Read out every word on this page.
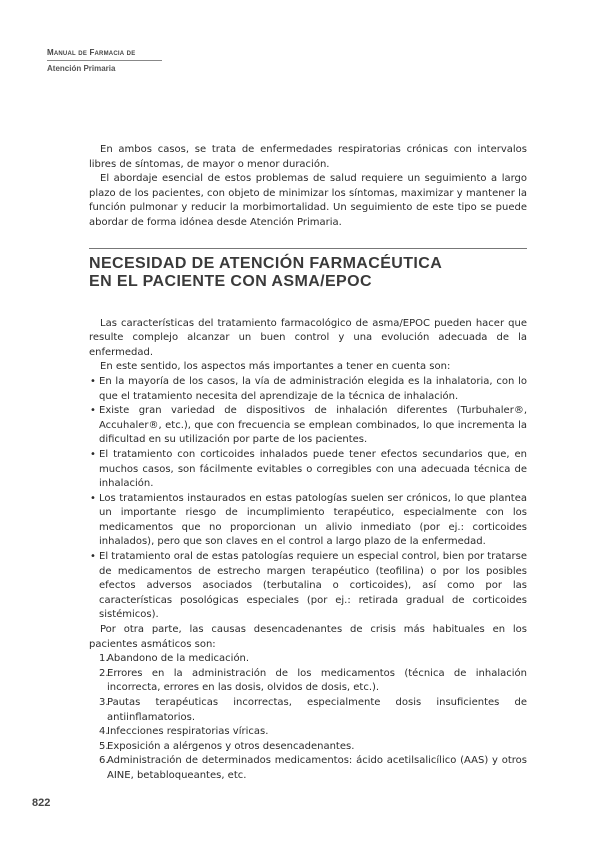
Manual de Farmacia de
Atención Primaria

En ambos casos, se trata de enfermedades respiratorias crónicas con intervalos libres de síntomas, de mayor o menor duración.

El abordaje esencial de estos problemas de salud requiere un seguimiento a largo plazo de los pacientes, con objeto de minimizar los síntomas, maximizar y mantener la función pulmonar y reducir la morbimortalidad. Un seguimiento de este tipo se puede abordar de forma idónea desde Atención Primaria.

NECESIDAD DE ATENCIÓN FARMACÉUTICA
EN EL PACIENTE CON ASMA/EPOC

Las características del tratamiento farmacológico de asma/EPOC pueden hacer que resulte complejo alcanzar un buen control y una evolución adecuada de la enfermedad.

En este sentido, los aspectos más importantes a tener en cuenta son:

• En la mayoría de los casos, la vía de administración elegida es la inhalatoria, con lo que el tratamiento necesita del aprendizaje de la técnica de inhalación.
• Existe gran variedad de dispositivos de inhalación diferentes (Turbuhaler®, Accuhaler®, etc.), que con frecuencia se emplean combinados, lo que incrementa la dificultad en su utilización por parte de los pacientes.
• El tratamiento con corticoides inhalados puede tener efectos secundarios que, en muchos casos, son fácilmente evitables o corregibles con una adecuada técnica de inhalación.
• Los tratamientos instaurados en estas patologías suelen ser crónicos, lo que plantea un importante riesgo de incumplimiento terapéutico, especialmente con los medicamentos que no proporcionan un alivio inmediato (por ej.: corticoides inhalados), pero que son claves en el control a largo plazo de la enfermedad.
• El tratamiento oral de estas patologías requiere un especial control, bien por tratarse de medicamentos de estrecho margen terapéutico (teofilina) o por los posibles efectos adversos asociados (terbutalina o corticoides), así como por las características posológicas especiales (por ej.: retirada gradual de corticoides sistémicos).

Por otra parte, las causas desencadenantes de crisis más habituales en los pacientes asmáticos son:

1.
Abandono de la medicación.
2.
Errores en la administración de los medicamentos (técnica de inhalación incorrecta, errores en las dosis, olvidos de dosis, etc.).
3.
Pautas terapéuticas incorrectas, especialmente dosis insuficientes de antiinflamatorios.
4.
Infecciones respiratorias víricas.
5.
Exposición a alérgenos y otros desencadenantes.
6.
Administración de determinados medicamentos: ácido acetilsalicílico (AAS) y otros AINE, betabloqueantes, etc.
822
